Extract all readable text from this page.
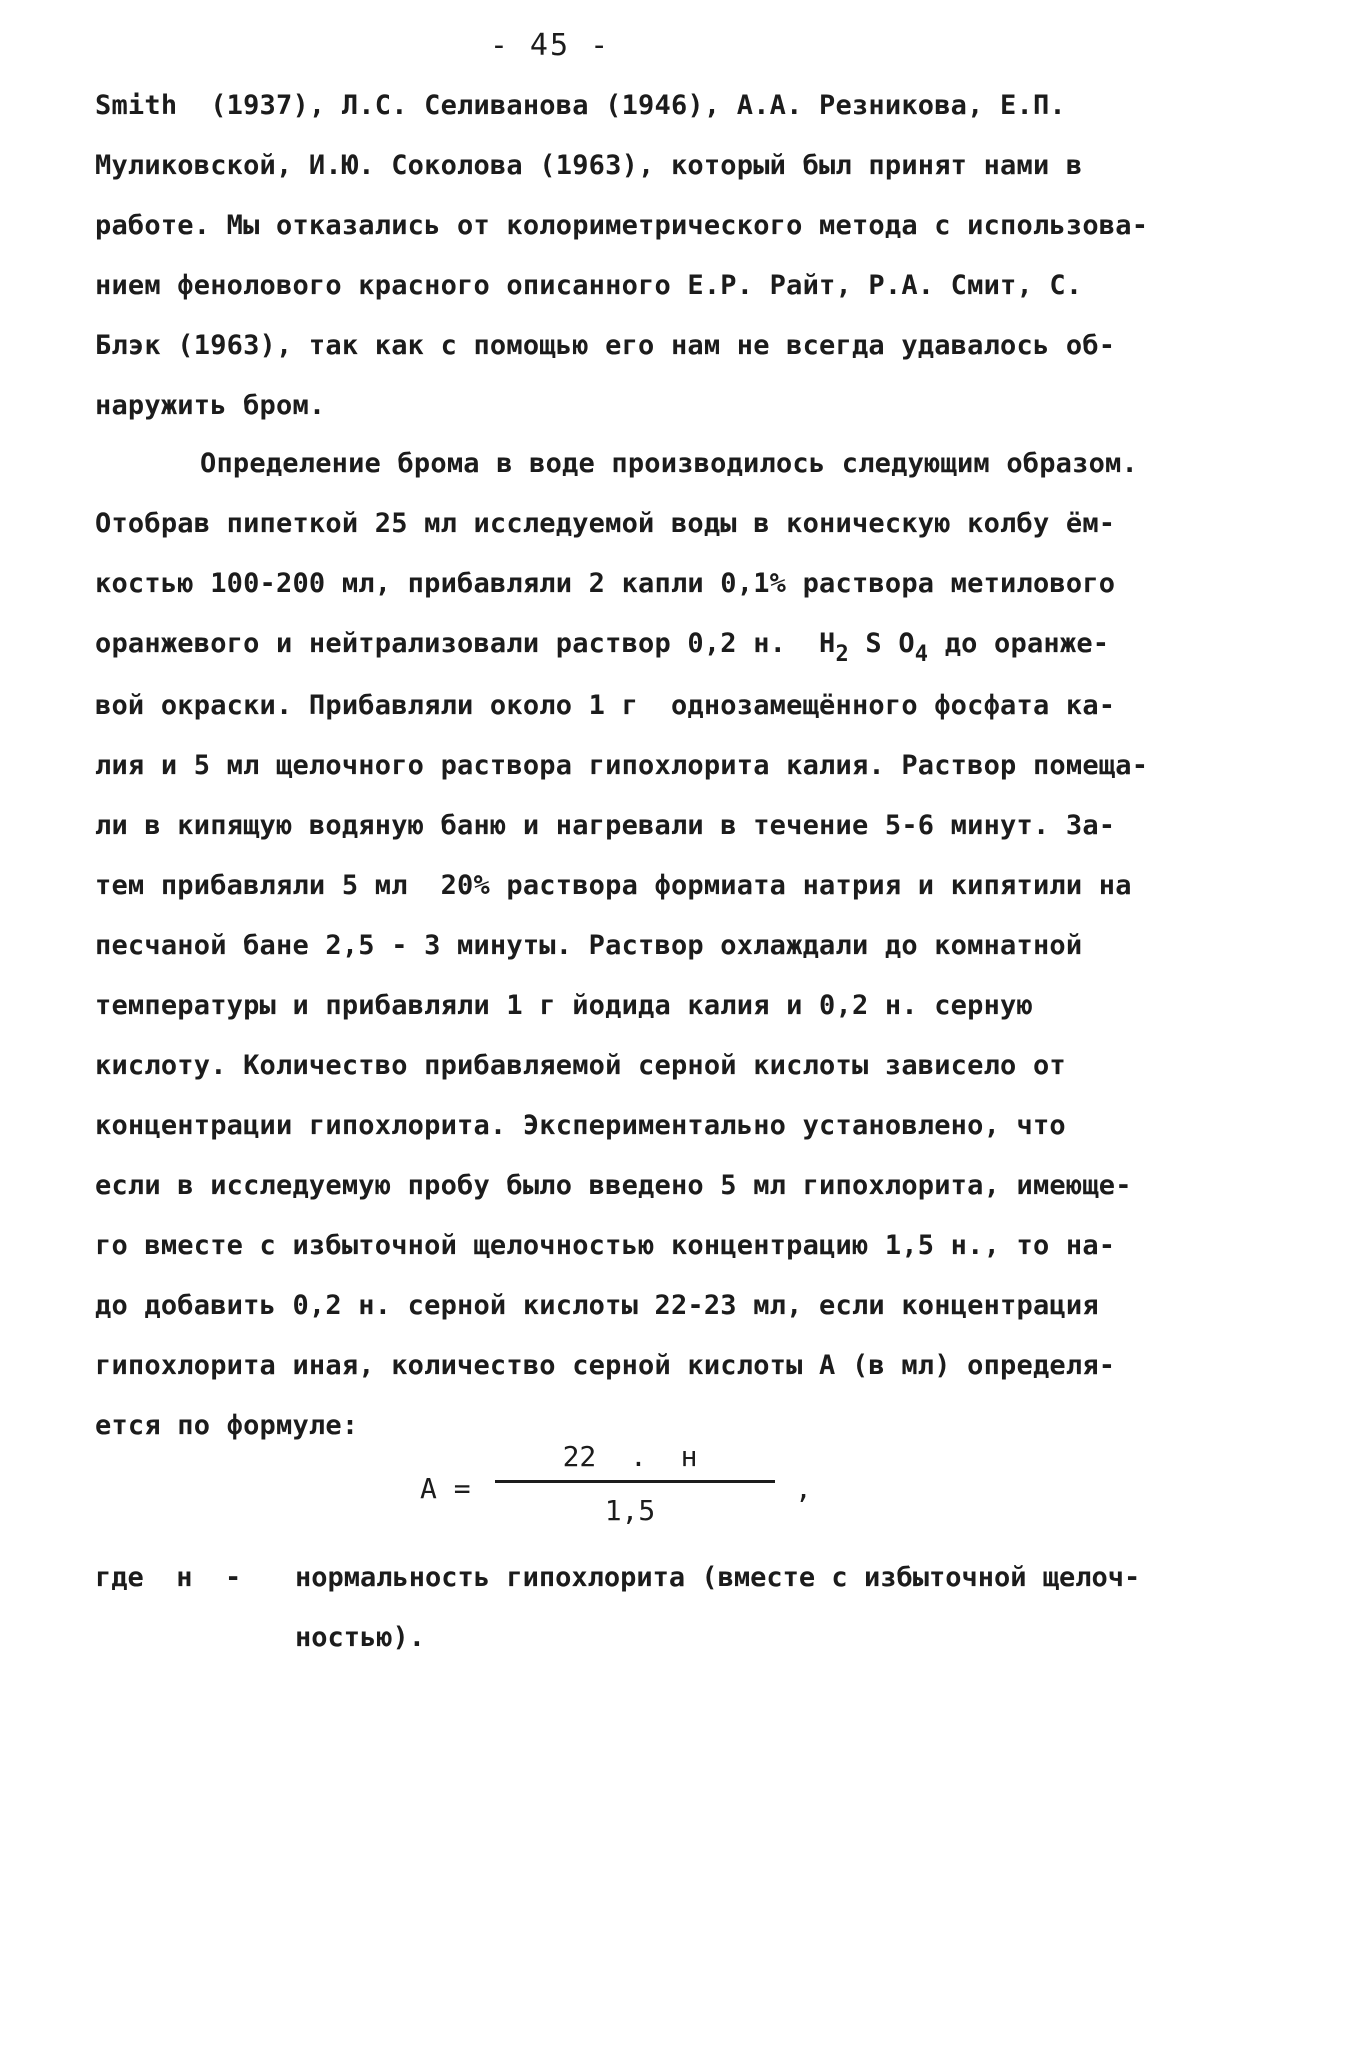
- 45 -
Smith  (1937), Л.С. Селиванова (1946), А.А. Резникова, Е.П.
Муликовской, И.Ю. Соколова (1963), который был принят нами в
работе. Мы отказались от колориметрического метода с использова-
нием фенолового красного описанного Е.Р. Райт, Р.А. Смит, С.
Блэк (1963), так как с помощью его нам не всегда удавалось об-
наружить бром.
Определение брома в воде производилось следующим образом.
Отобрав пипеткой 25 мл исследуемой воды в коническую колбу ём-
костью 100-200 мл, прибавляли 2 капли 0,1% раствора метилового
оранжевого и нейтрализовали раствор 0,2 н.  $H_2$ S $O_4$ до оранже-
вой окраски. Прибавляли около 1 г  однозамещённого фосфата ка-
лия и 5 мл щелочного раствора гипохлорита калия. Раствор помеща-
ли в кипящую водяную баню и нагревали в течение 5-6 минут. За-
тем прибавляли 5 мл  20% раствора формиата натрия и кипятили на
песчаной бане 2,5 - 3 минуты. Раствор охлаждали до комнатной
температуры и прибавляли 1 г йодида калия и 0,2 н. серную
кислоту. Количество прибавляемой серной кислоты зависело от
концентрации гипохлорита. Экспериментально установлено, что
если в исследуемую пробу было введено 5 мл гипохлорита, имеюще-
го вместе с избыточной щелочностью концентрацию 1,5 н., то на-
до добавить 0,2 н. серной кислоты 22-23 мл, если концентрация
гипохлорита иная, количество серной кислоты A (в мл) определя-
ется по формуле:
A =
22  .  н
1,5
,
где  н  - нормальность гипохлорита (вместе с избыточной щелоч-
ностью).
